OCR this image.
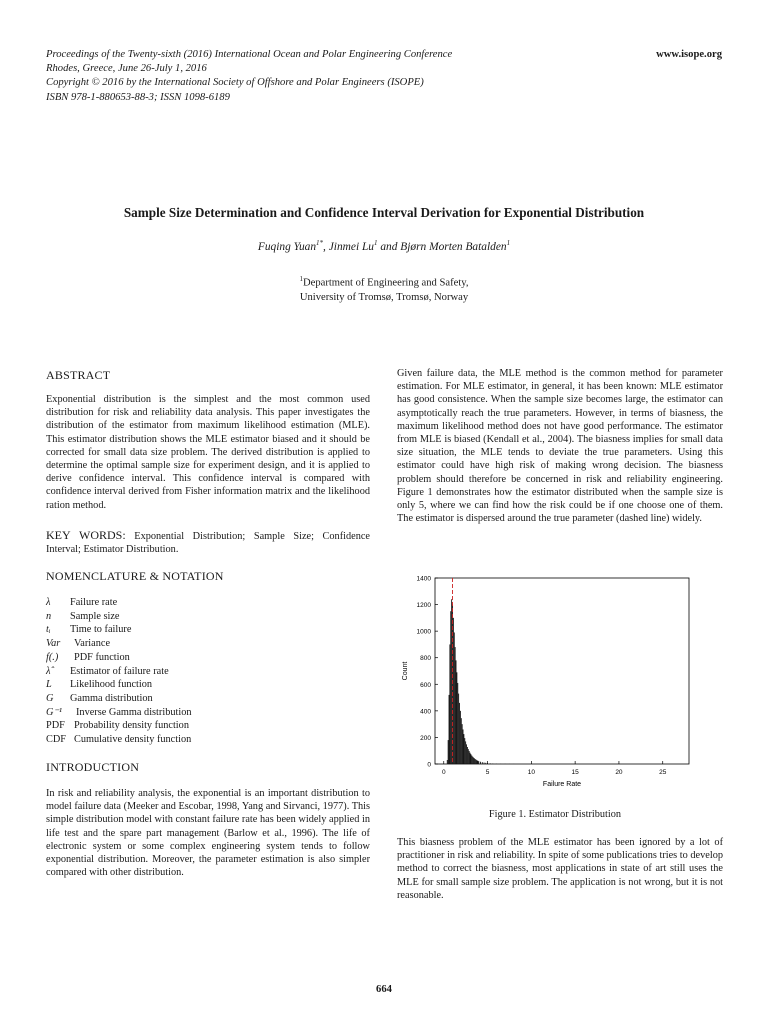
Proceedings of the Twenty-sixth (2016) International Ocean and Polar Engineering Conference
Rhodes, Greece, June 26-July 1, 2016
Copyright © 2016 by the International Society of Offshore and Polar Engineers (ISOPE)
ISBN 978-1-880653-88-3; ISSN 1098-6189
www.isope.org
Sample Size Determination and Confidence Interval Derivation for Exponential Distribution
Fuqing Yuan$^{1*}$, Jinmei Lu$^1$ and Bjørn Morten Batalden$^1$
$^1$Department of Engineering and Safety,
University of Tromsø, Tromsø, Norway
ABSTRACT
Exponential distribution is the simplest and the most common used distribution for risk and reliability data analysis. This paper investigates the distribution of the estimator from maximum likelihood estimation (MLE). This estimator distribution shows the MLE estimator biased and it should be corrected for small data size problem. The derived distribution is applied to determine the optimal sample size for experiment design, and it is applied to derive confidence interval. This confidence interval is compared with confidence interval derived from Fisher information matrix and the likelihood ration method.
KEY WORDS: Exponential Distribution; Sample Size; Confidence Interval; Estimator Distribution.
NOMENCLATURE & NOTATION
λ	Failure rate
n	Sample size
tᵢ	Time to failure
Var	Variance
f(.)	PDF function
λ̂	Estimator of failure rate
L	Likelihood function
G	Gamma distribution
G⁻¹	Inverse Gamma distribution
PDF Probability density function
CDF Cumulative density function
INTRODUCTION
In risk and reliability analysis, the exponential is an important distribution to model failure data (Meeker and Escobar, 1998, Yang and Sirvanci, 1977). This simple distribution model with constant failure rate has been widely applied in life test and the spare part management (Barlow et al., 1996). The life of electronic system or some complex engineering system tends to follow exponential distribution. Moreover, the parameter estimation is also simpler compared with other distribution.
Given failure data, the MLE method is the common method for parameter estimation. For MLE estimator, in general, it has been known: MLE estimator has good consistence. When the sample size becomes large, the estimator can asymptotically reach the true parameters. However, in terms of biasness, the maximum likelihood method does not have good performance. The estimator from MLE is biased (Kendall et al., 2004). The biasness implies for small data size situation, the MLE tends to deviate the true parameters. Using this estimator could have high risk of making wrong decision. The biasness problem should therefore be concerned in risk and reliability engineering. Figure 1 demonstrates how the estimator distributed when the sample size is only 5, where we can find how the risk could be if one choose one of them. The estimator is dispersed around the true parameter (dashed line) widely.
0
200
400
600
800
1000
1200
1400
0	5	10	15	20	25
Failure Rate
Count
Figure 1. Estimator Distribution
This biasness problem of the MLE estimator has been ignored by a lot of practitioner in risk and reliability. In spite of some publications tries to develop method to correct the biasness, most applications in state of art still uses the MLE for small sample size problem. The application is not wrong, but it is not reasonable.
664
